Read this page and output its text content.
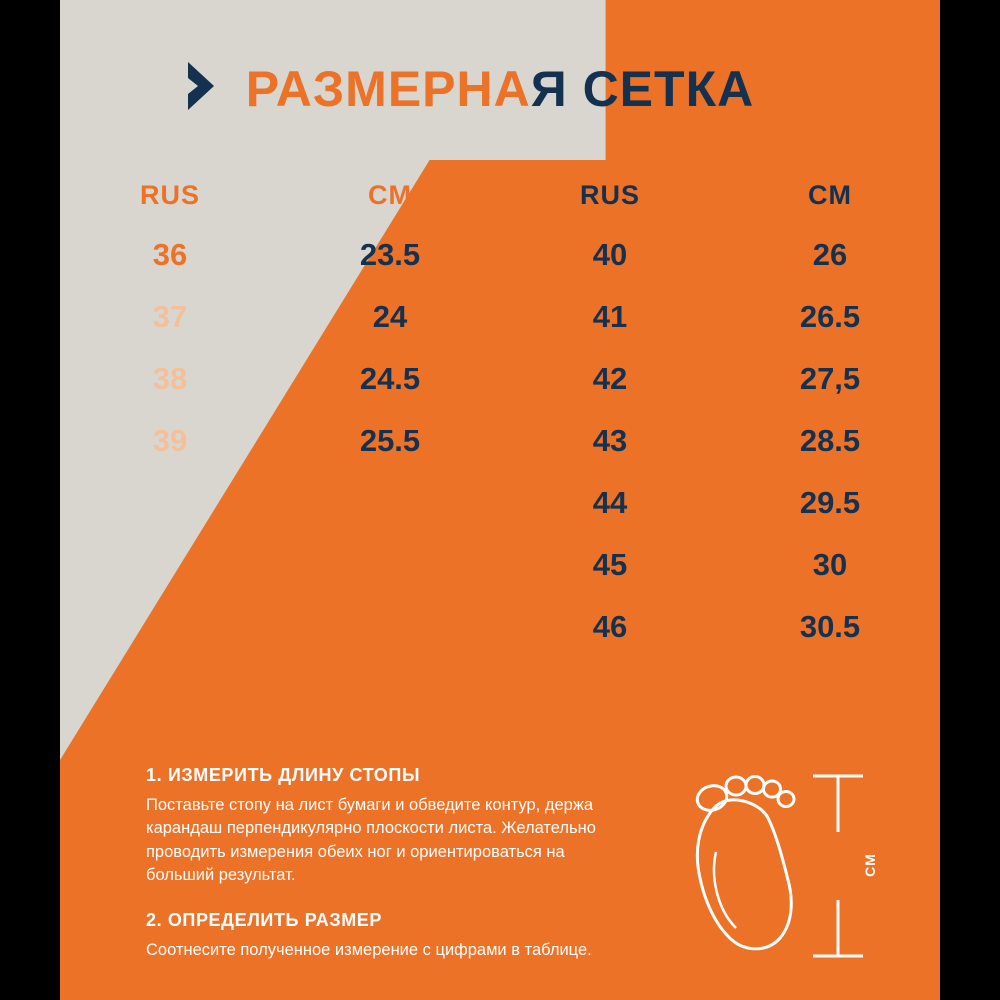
РАЗМЕРНАЯ СЕТКА
RUS	CM
36	23.5
37	24
38	24.5
39	25.5
RUS	CM
40	26
41	26.5
42	27,5
43	28.5
44	29.5
45	30
46	30.5
1. ИЗМЕРИТЬ ДЛИНУ СТОПЫ
Поставьте стопу на лист бумаги и обведите контур, держа карандаш перпендикулярно плоскости листа. Желательно проводить измерения обеих ног и ориентироваться на больший результат.
2. ОПРЕДЕЛИТЬ РАЗМЕР
Соотнесите полученное измерение с цифрами в таблице.
CM
